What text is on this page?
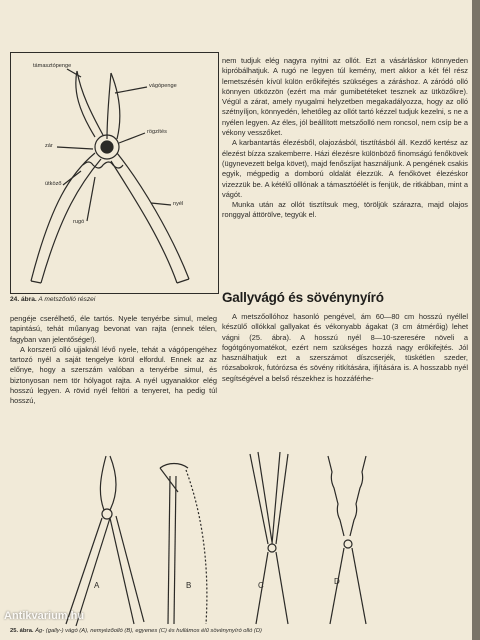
támasztópenge
vágópenge
rögzítés
zár
ütköző
rugó
nyél
24. ábra. A metszőolló részei

nem tudjuk elég nagyra nyitni az ollót. Ezt a vásárláskor könnyeden kipróbálhatjuk. A rugó ne legyen túl kemény, mert akkor a két fél rész lemetszésén kívül külön erőkifejtés szükséges a záráshoz. A záródó olló könnyen ütközzön (ezért ma már gumibetéteket tesznek az ütközőkre). Végül a zárat, amely nyugalmi helyzetben megakadályozza, hogy az olló szétnyíljon, könnyedén, lehetőleg az ollót tartó kézzel tudjuk kezelni, s ne a nyélen legyen. Az éles, jól beállított metszőolló nem roncsol, nem csíp be a vékony vesszőket.

A karbantartás élezésből, olajozásból, tisztításból áll. Kezdő kertész az élezést bízza szakemberre. Házi élezésre különböző finomságú fenőkövek (ügynevezett belga követ), majd fenőszíjat használjunk. A pengének csakis egyik, mégpedig a domború oldalát élezzük. A fenőkövet élezéskor vizezzük be. A kétélű olllónak a támasztóélét is fenjük, de ritkábban, mint a vágót.

Munka után az ollót tisztítsuk meg, töröljük szárazra, majd olajos ronggyal áttörölve, tegyük el.

pengéje cserélhető, éle tartós. Nyele tenyérbe simul, meleg tapintású, tehát műanyag bevonat van rajta (ennek télen, fagyban van jelentősége!).

A korszerű olló ujjaknál lévő nyele, tehát a vágópengéhez tartozó nyél a saját tengelye körül elfordul. Ennek az az előnye, hogy a szerszám valóban a tenyérbe simul, és biztonyosan nem tör hólyagot rajta. A nyél ugyanakkor elég hosszú legyen. A rövid nyél feltöri a tenyeret, ha pedig túl hosszú,

Gallyvágó és sövénynyíró

A metszőollóhoz hasonló pengével, ám 60—80 cm hosszú nyéllel készülő ollókkal gallyakat és vékonyabb ágakat (3 cm átmérőig) lehet vágni (25. ábra). A hosszú nyél 8—10-szeresére növeli a fogótgónyomatékot, ezért nem szükséges hozzá nagy erőkifejtés. Jól használhatjuk ezt a szerszámot díszcserjék, tüskétlen szeder, rózsabokrok, futórózsa és sövény ritkítására, ifjítására is. A hosszabb nyél segítségével a belső részekhez is hozzáférhe-

A	B	C	D
25. ábra. Ág- (gally-) vágó (A), nemyézőolló (B), egyenes (C) és hullámos élű sövénynyíró olló (D)
Antikvarium.hu
